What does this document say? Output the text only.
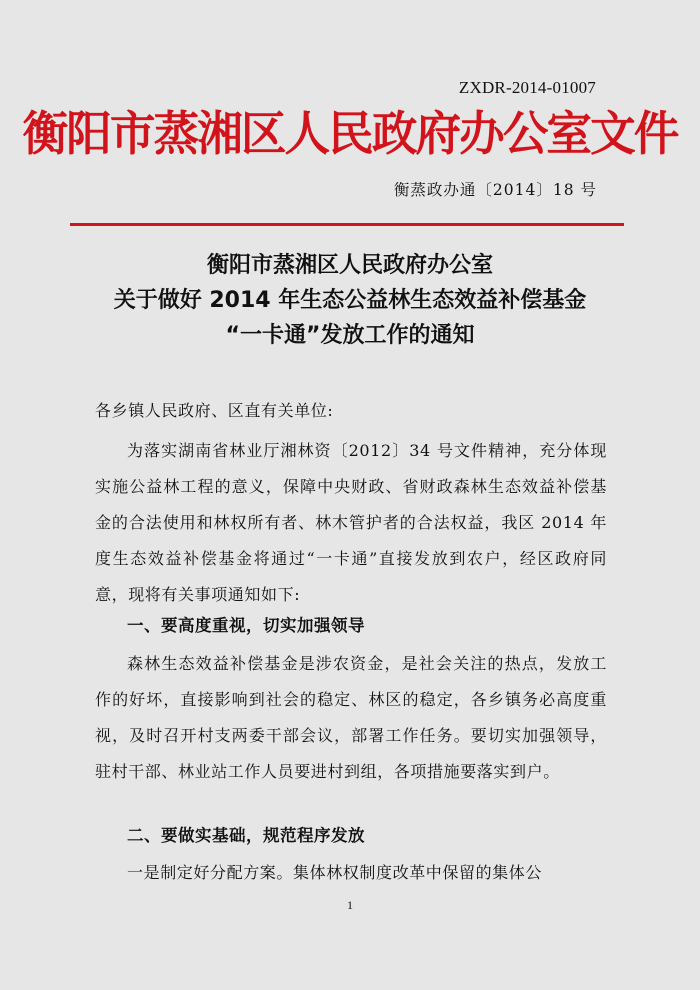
ZXDR-2014-01007
衡阳市蒸湘区人民政府办公室文件
衡蒸政办通〔2014〕18 号
衡阳市蒸湘区人民政府办公室
关于做好 2014 年生态公益林生态效益补偿基金
“一卡通”发放工作的通知
各乡镇人民政府、区直有关单位:
为落实湖南省林业厅湘林资〔2012〕34 号文件精神，充分体现实施公益林工程的意义，保障中央财政、省财政森林生态效益补偿基金的合法使用和林权所有者、林木管护者的合法权益，我区 2014 年度生态效益补偿基金将通过“一卡通”直接发放到农户，经区政府同意，现将有关事项通知如下:
一、要高度重视，切实加强领导
森林生态效益补偿基金是涉农资金，是社会关注的热点，发放工作的好坏，直接影响到社会的稳定、林区的稳定，各乡镇务必高度重视，及时召开村支两委干部会议，部署工作任务。要切实加强领导，驻村干部、林业站工作人员要进村到组，各项措施要落实到户。
二、要做实基础，规范程序发放
一是制定好分配方案。集体林权制度改革中保留的集体公
1
